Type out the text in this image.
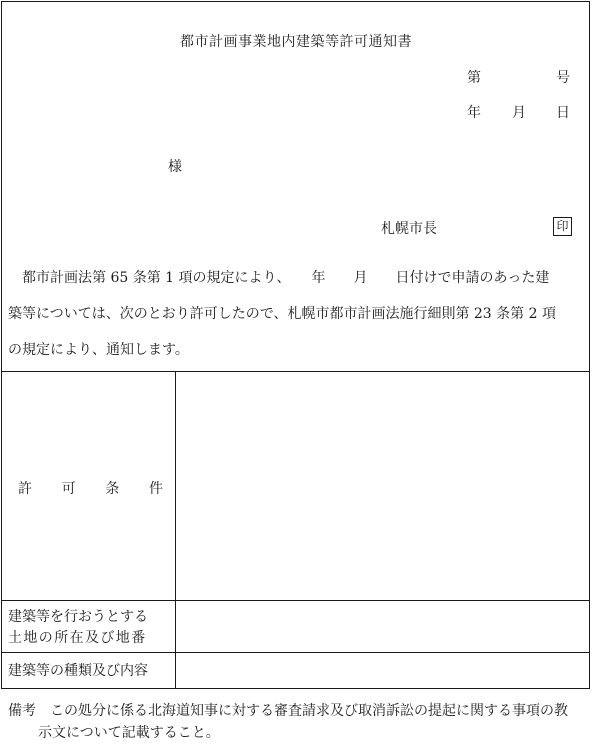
都市計画事業地内建築等許可通知書
第	号
年 月 日
様
札幌市長	印

都市計画法第 65 条第 1 項の規定により、　　年　　月　　日付けで申請のあった建

築等については、次のとおり許可したので、札幌市都市計画法施行細則第 23 条第 2 項

の規定により、通知します。

許 可 条 件
建築等を行おうとする
土地の所在及び地番
建築等の種類及び内容
備考　この処分に係る北海道知事に対する審査請求及び取消訴訟の提起に関する事項の教
示文について記載すること。
